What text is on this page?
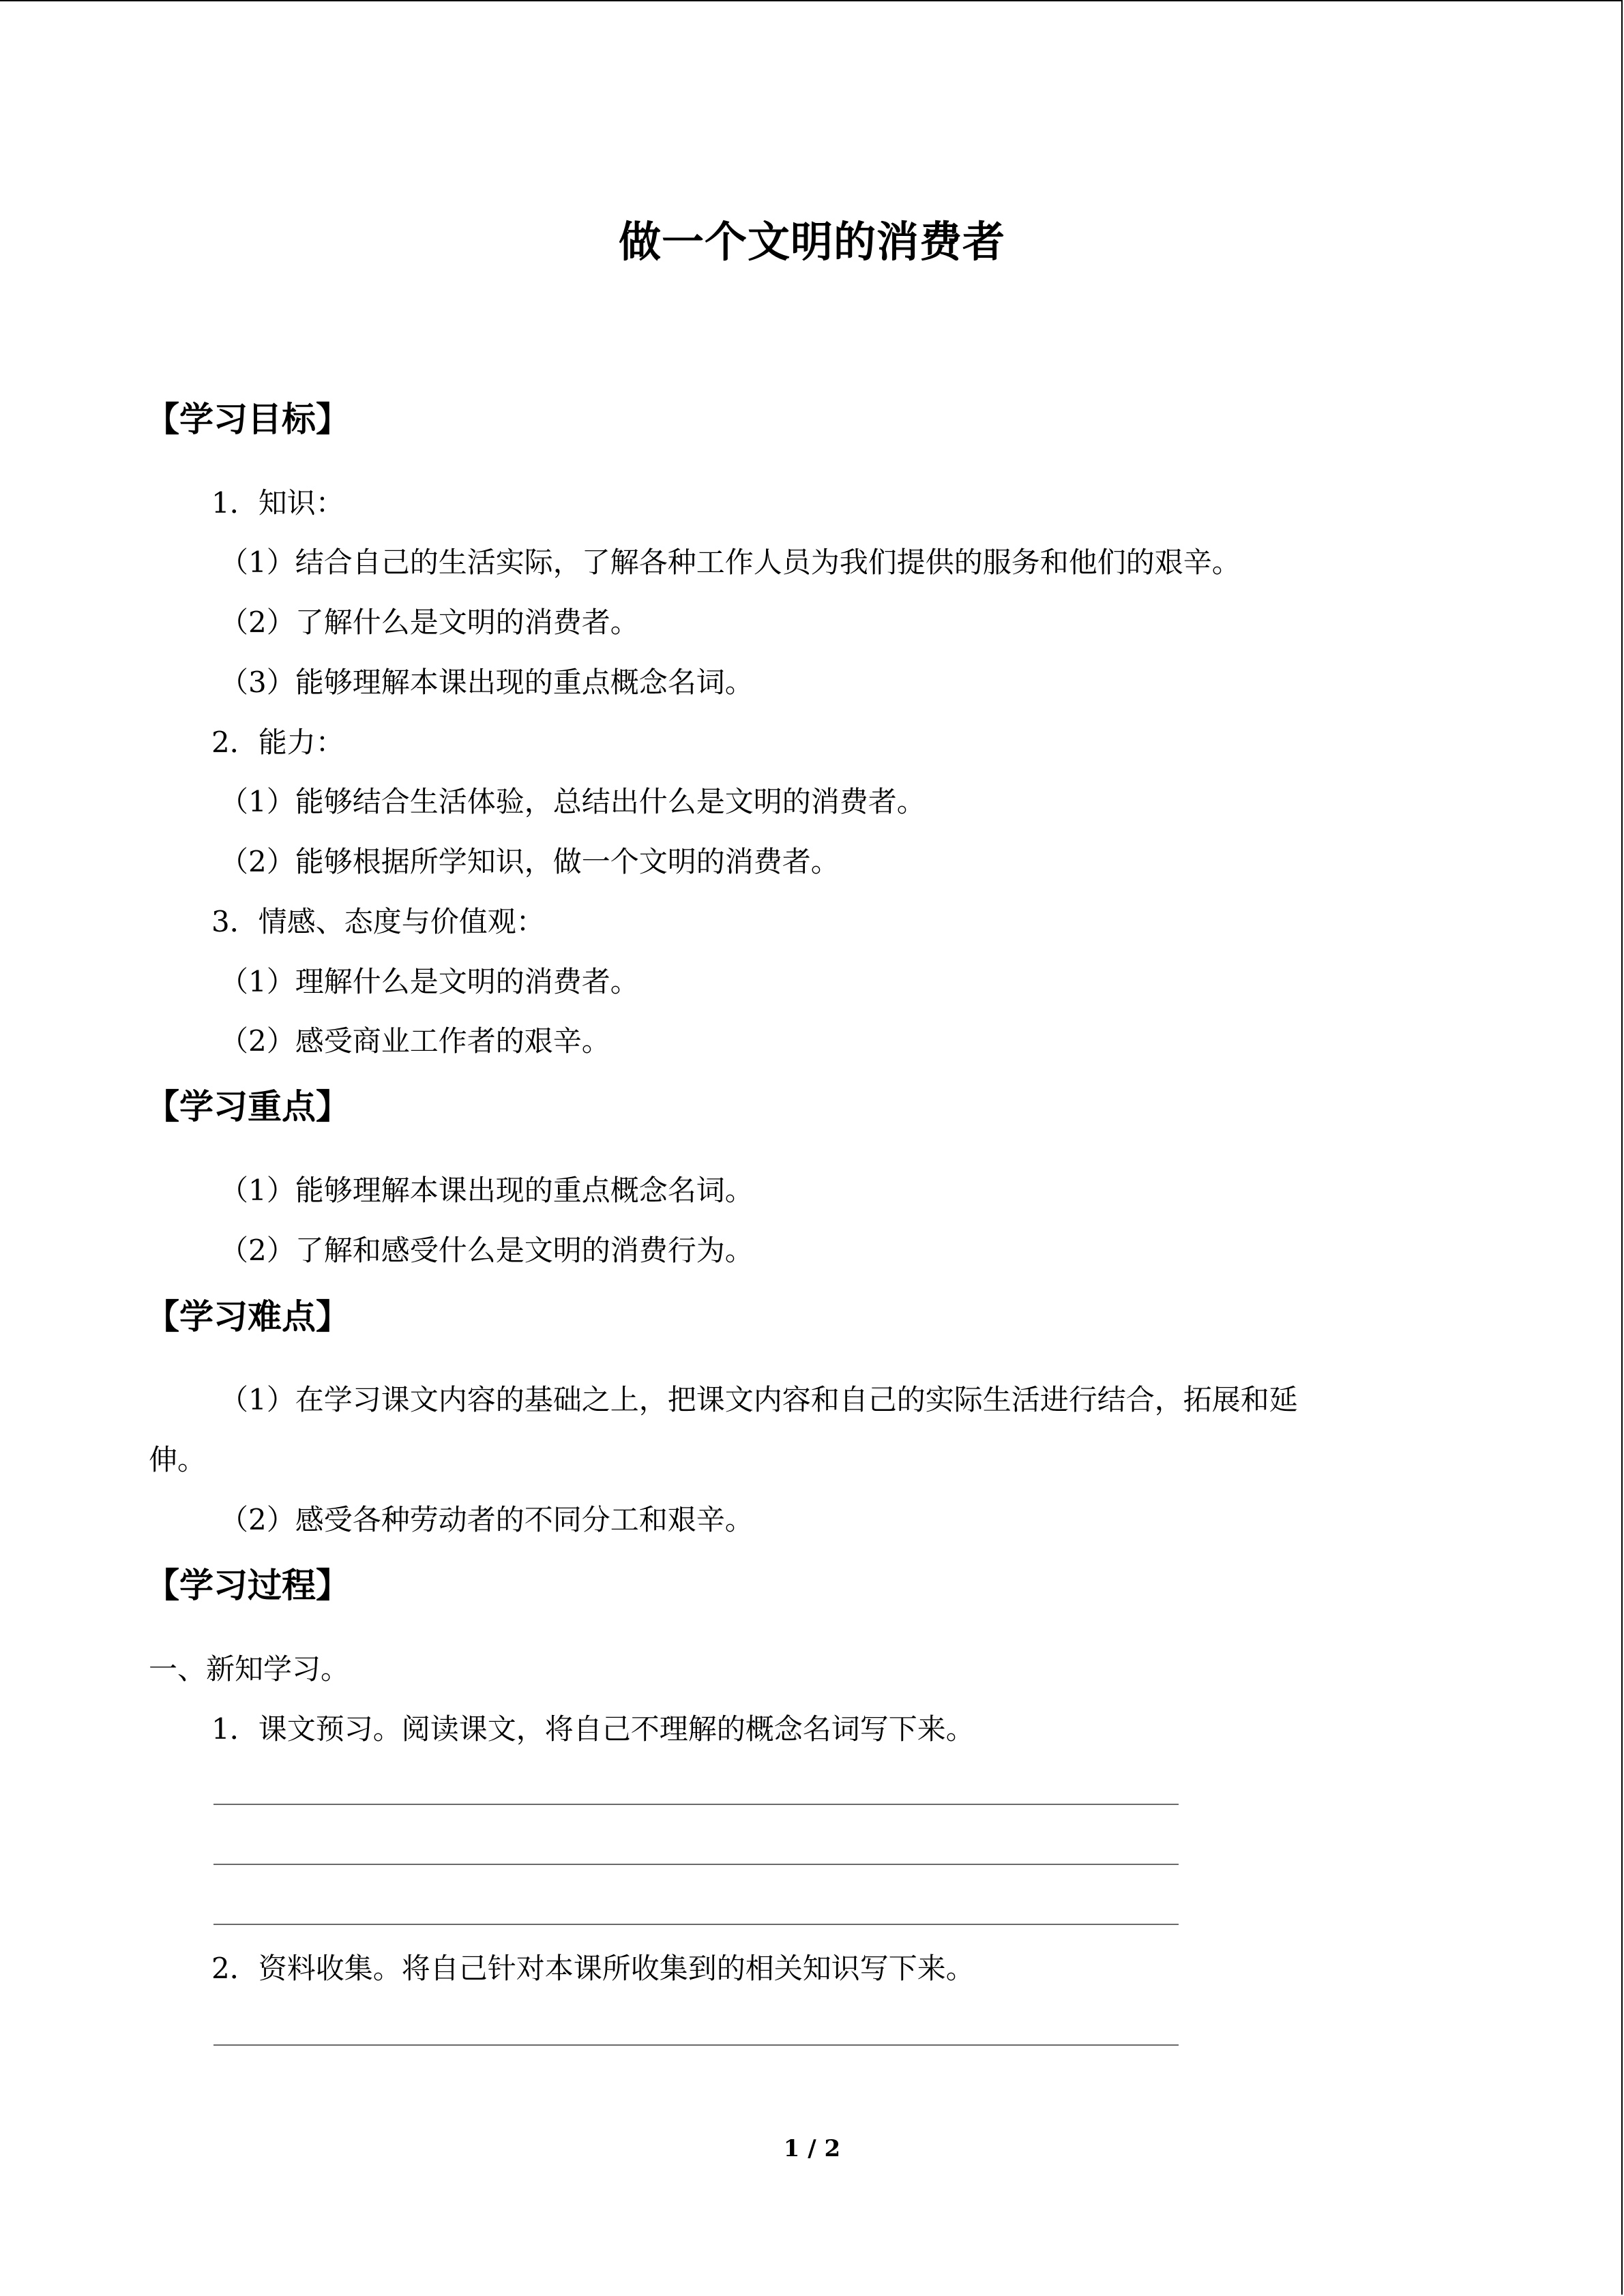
做一个文明的消费者
【学习目标】
1．知识：
（1）结合自己的生活实际，了解各种工作人员为我们提供的服务和他们的艰辛。
（2）了解什么是文明的消费者。
（3）能够理解本课出现的重点概念名词。
2．能力：
（1）能够结合生活体验，总结出什么是文明的消费者。
（2）能够根据所学知识，做一个文明的消费者。
3．情感、态度与价值观：
（1）理解什么是文明的消费者。
（2）感受商业工作者的艰辛。
【学习重点】
（1）能够理解本课出现的重点概念名词。
（2）了解和感受什么是文明的消费行为。
【学习难点】
（1）在学习课文内容的基础之上，把课文内容和自己的实际生活进行结合，拓展和延
伸。
（2）感受各种劳动者的不同分工和艰辛。
【学习过程】
一、新知学习。
1．课文预习。阅读课文，将自己不理解的概念名词写下来。
2．资料收集。将自己针对本课所收集到的相关知识写下来。
1 / 2
